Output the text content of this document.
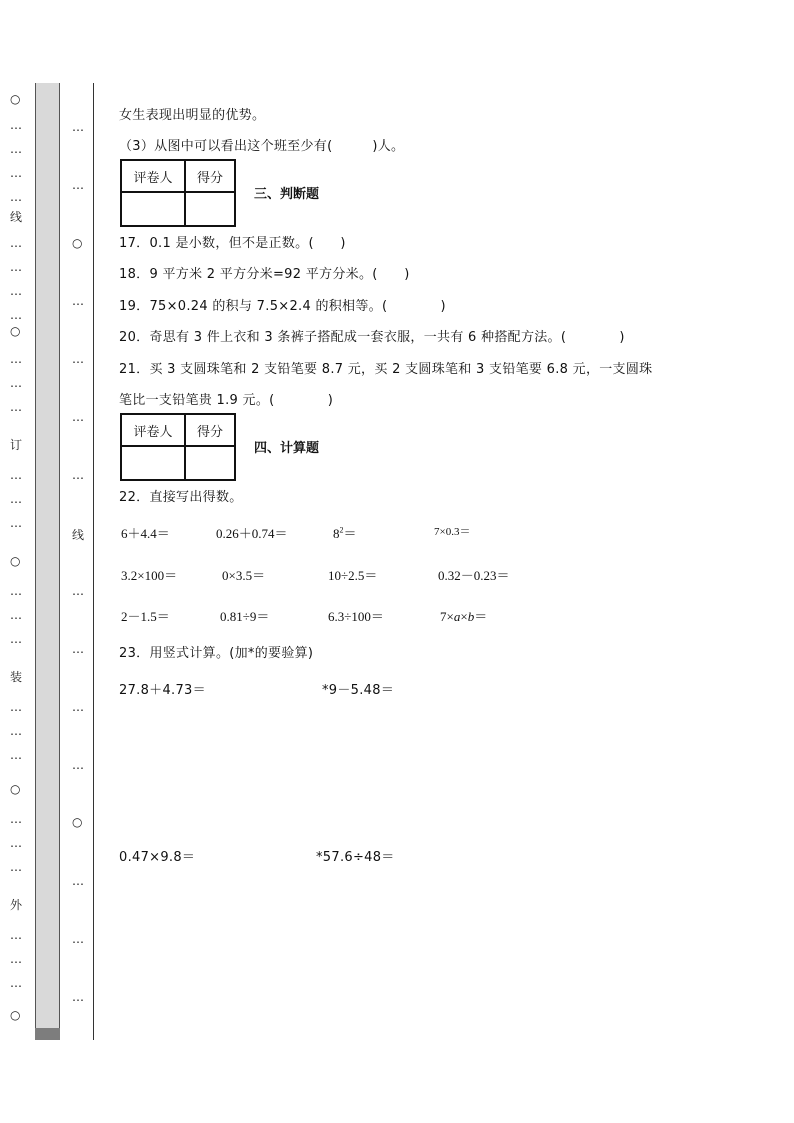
○
…
…
…
…
线
…
…
…
…
○
…
…
…
订
…
…
…
○
…
…
…
装
…
…
…
○
…
…
…
外
…
…
…
○
…
…
○
…
…
…
…
线
…
…
…
…
○
…
…
…
女生表现出明显的优势。
（3）从图中可以看出这个班至少有(　　　)人。
评卷人	得分

三、判断题
17．0.1 是小数，但不是正数。(　　)
18．9 平方米 2 平方分米=92 平方分米。(　　)
19．75×0.24 的积与 7.5×2.4 的积相等。(　　　　)
20．奇思有 3 件上衣和 3 条裤子搭配成一套衣服，一共有 6 种搭配方法。(　　　　)
21．买 3 支圆珠笔和 2 支铅笔要 8.7 元，买 2 支圆珠笔和 3 支铅笔要 6.8 元，一支圆珠
笔比一支铅笔贵 1.9 元。(　　　　)
评卷人	得分

四、计算题
22．直接写出得数。
6＋4.4＝	0.26＋0.74＝	$8^2=$	7×0.3＝
3.2×100＝	0×3.5＝	10÷2.5＝	0.32－0.23＝
2－1.5＝	0.81÷9＝	6.3÷100＝	7×a×b＝
23．用竖式计算。(加*的要验算)
27.8＋4.73＝	*9－5.48＝
0.47×9.8＝	*57.6÷48＝
